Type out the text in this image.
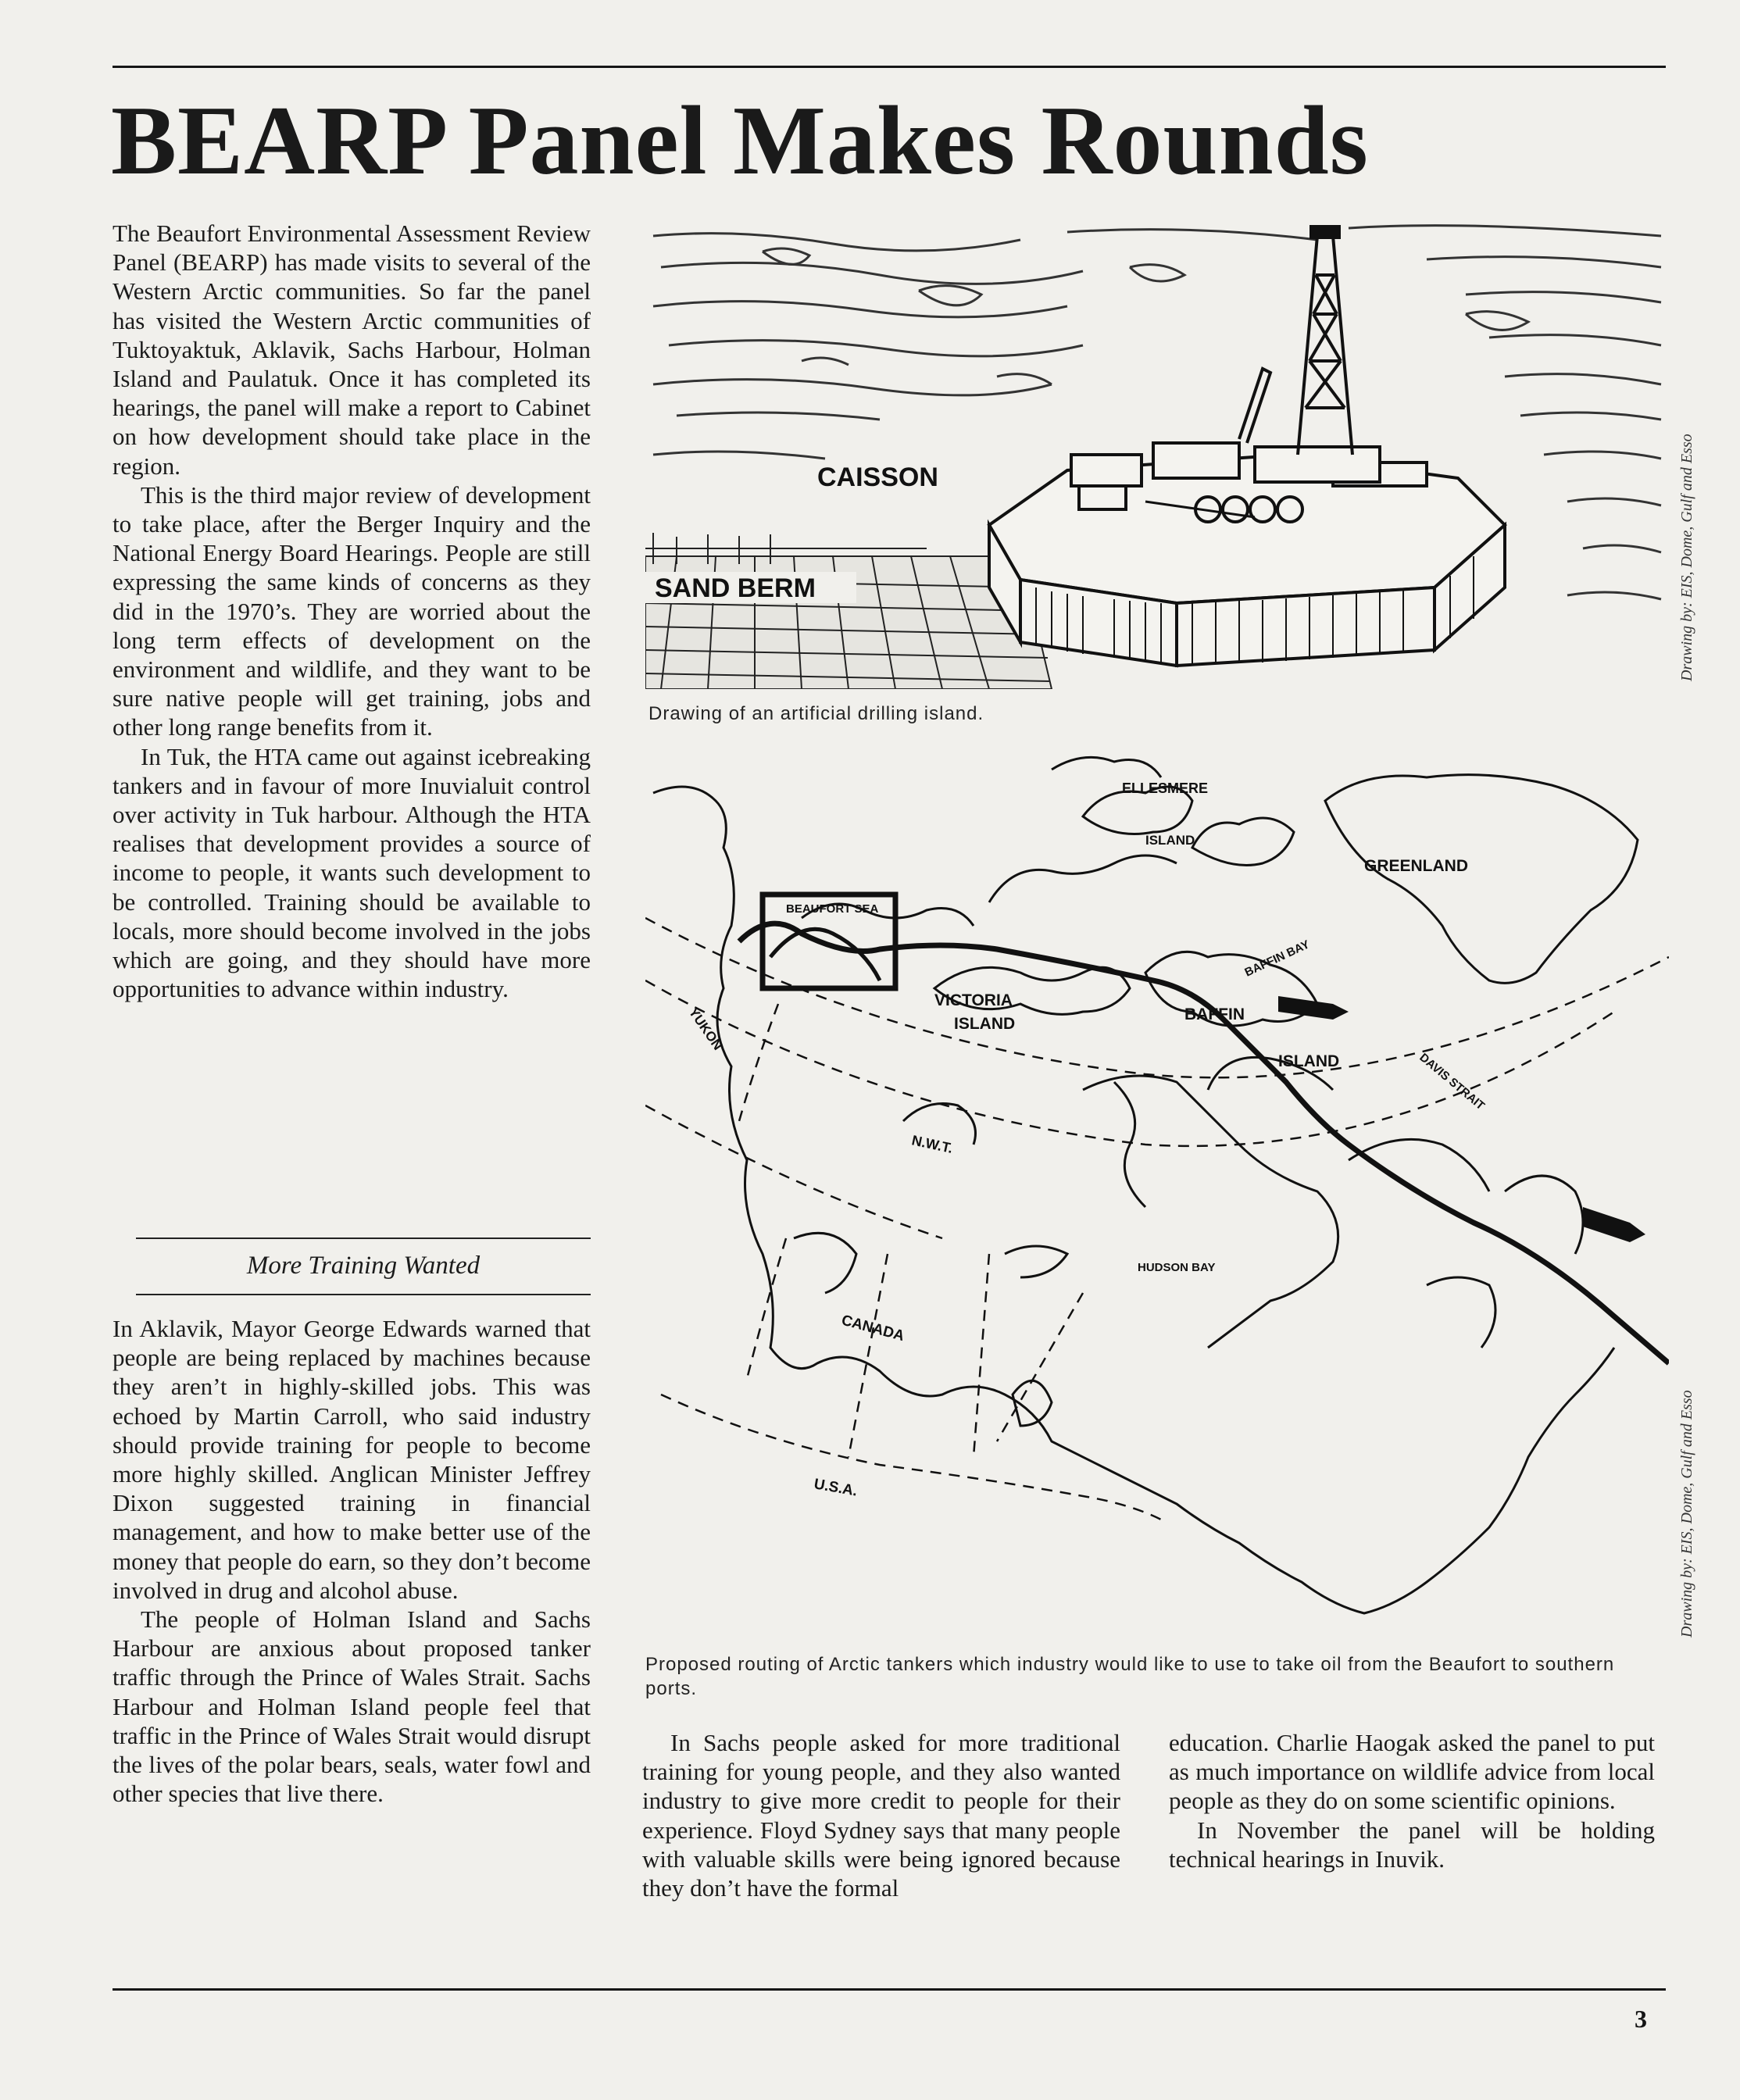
BEARP Panel Makes Rounds

The Beaufort Environmental Assessment Review Panel (BEARP) has made visits to several of the Western Arctic communities. So far the panel has visited the Western Arctic communities of Tuktoyaktuk, Aklavik, Sachs Harbour, Holman Island and Paulatuk. Once it has completed its hearings, the panel will make a report to Cabinet on how development should take place in the region.

This is the third major review of development to take place, after the Berger Inquiry and the National Energy Board Hearings. People are still expressing the same kinds of concerns as they did in the 1970’s. They are worried about the long term effects of development on the environment and wildlife, and they want to be sure native people will get training, jobs and other long range benefits from it.

In Tuk, the HTA came out against icebreaking tankers and in favour of more Inuvialuit control over activity in Tuk harbour. Although the HTA realises that development provides a source of income to people, it wants such development to be controlled. Training should be available to locals, more should become involved in the jobs which are going, and they should have more opportunities to advance within industry.

More Training Wanted

In Aklavik, Mayor George Edwards warned that people are being replaced by machines because they aren’t in highly-skilled jobs. This was echoed by Martin Carroll, who said industry should provide training for people to become more highly skilled. Anglican Minister Jeffrey Dixon suggested training in financial management, and how to make better use of the money that people do earn, so they don’t become involved in drug and alcohol abuse.

The people of Holman Island and Sachs Harbour are anxious about proposed tanker traffic through the Prince of Wales Strait. Sachs Harbour and Holman Island people feel that traffic in the Prince of Wales Strait would disrupt the lives of the polar bears, seals, water fowl and other species that live there.

CAISSON
SAND BERM
Drawing of an artificial drilling island.
Drawing by: EIS, Dome, Gulf and Esso
ELLESMERE
ISLAND
GREENLAND
BEAUFORT SEA
BAFFIN BAY
VICTORIA
ISLAND
BAFFIN
ISLAND	DAVIS STRAIT
YUKON
N.W.T.
HUDSON BAY
CANADA
U.S.A.
Proposed routing of Arctic tankers which industry would like to use to take oil from the Beaufort to southern ports.
Drawing by: EIS, Dome, Gulf and Esso

In Sachs people asked for more traditional training for young people, and they also wanted industry to give more credit to people for their experience. Floyd Sydney says that many people with valuable skills were being ignored because they don’t have the formal

education. Charlie Haogak asked the panel to put as much importance on wildlife advice from local people as they do on some scientific opinions.

In November the panel will be holding technical hearings in Inuvik.

3
